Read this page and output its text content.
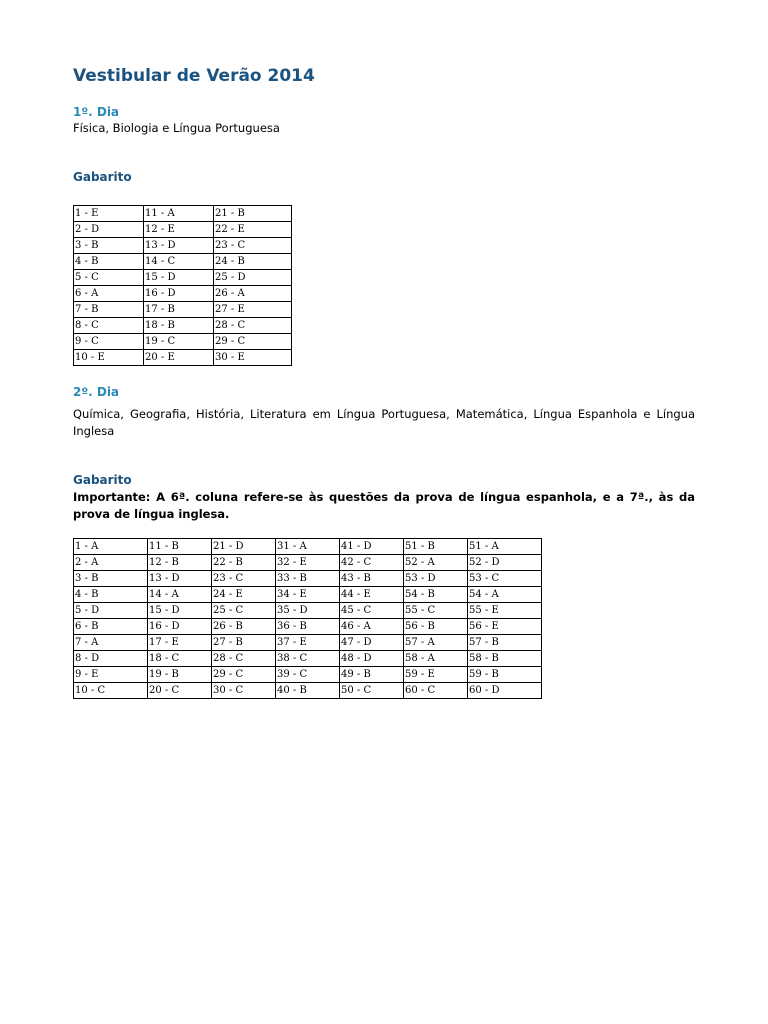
Vestibular de Verão 2014
1º. Dia

Física, Biologia e Língua Portuguesa

Gabarito
1 - E	11 - A	21 - B
2 - D	12 - E	22 - E
3 - B	13 - D	23 - C
4 - B	14 - C	24 - B
5 - C	15 - D	25 - D
6 - A	16 - D	26 - A
7 - B	17 - B	27 - E
8 - C	18 - B	28 - C
9 - C	19 - C	29 - C
10 - E	20 - E	30 - E
2º. Dia

Química, Geografia, História, Literatura em Língua Portuguesa, Matemática, Língua Espanhola e Língua Inglesa

Gabarito

Importante: A 6ª. coluna refere-se às questões da prova de língua espanhola, e a 7ª., às da prova de língua inglesa.

1 - A	11 - B	21 - D	31 - A	41 - D	51 - B	51 - A
2 - A	12 - B	22 - B	32 - E	42 - C	52 - A	52 - D
3 - B	13 - D	23 - C	33 - B	43 - B	53 - D	53 - C
4 - B	14 - A	24 - E	34 - E	44 - E	54 - B	54 - A
5 - D	15 - D	25 - C	35 - D	45 - C	55 - C	55 - E
6 - B	16 - D	26 - B	36 - B	46 - A	56 - B	56 - E
7 - A	17 - E	27 - B	37 - E	47 - D	57 - A	57 - B
8 - D	18 - C	28 - C	38 - C	48 - D	58 - A	58 - B
9 - E	19 - B	29 - C	39 - C	49 - B	59 - E	59 - B
10 - C	20 - C	30 - C	40 - B	50 - C	60 - C	60 - D
